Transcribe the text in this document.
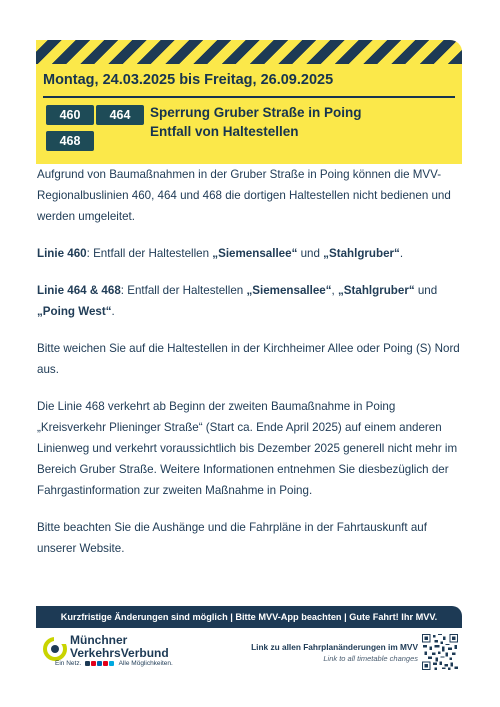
Montag, 24.03.2025 bis Freitag, 26.09.2025
460	464
468
Sperrung Gruber Straße in Poing
Entfall von Haltestellen

Aufgrund von Baumaßnahmen in der Gruber Straße in Poing können die MVV-Regionalbuslinien 460, 464 und 468 die dortigen Haltestellen nicht bedienen und werden umgeleitet.

Linie 460: Entfall der Haltestellen „Siemensallee“ und „Stahlgruber“.

Linie 464 & 468: Entfall der Haltestellen „Siemensallee“, „Stahlgruber“ und „Poing West“.

Bitte weichen Sie auf die Haltestellen in der Kirchheimer Allee oder Poing (S) Nord aus.

Die Linie 468 verkehrt ab Beginn der zweiten Baumaßnahme in Poing „Kreisverkehr Plieninger Straße“ (Start ca. Ende April 2025) auf einem anderen Linienweg und verkehrt voraussichtlich bis Dezember 2025 generell nicht mehr im Bereich Gruber Straße. Weitere Informationen entnehmen Sie diesbezüglich der Fahrgastinformation zur zweiten Maßnahme in Poing.

Bitte beachten Sie die Aushänge und die Fahrpläne in der Fahrtauskunft auf unserer Website.

Kurzfristige Änderungen sind möglich | Bitte MVV-App beachten | Gute Fahrt! Ihr MVV.
Münchner
VerkehrsVerbund
Ein Netz.	Alle Möglichkeiten.
Link zu allen Fahrplanänderungen im MVV
Link to all timetable changes
